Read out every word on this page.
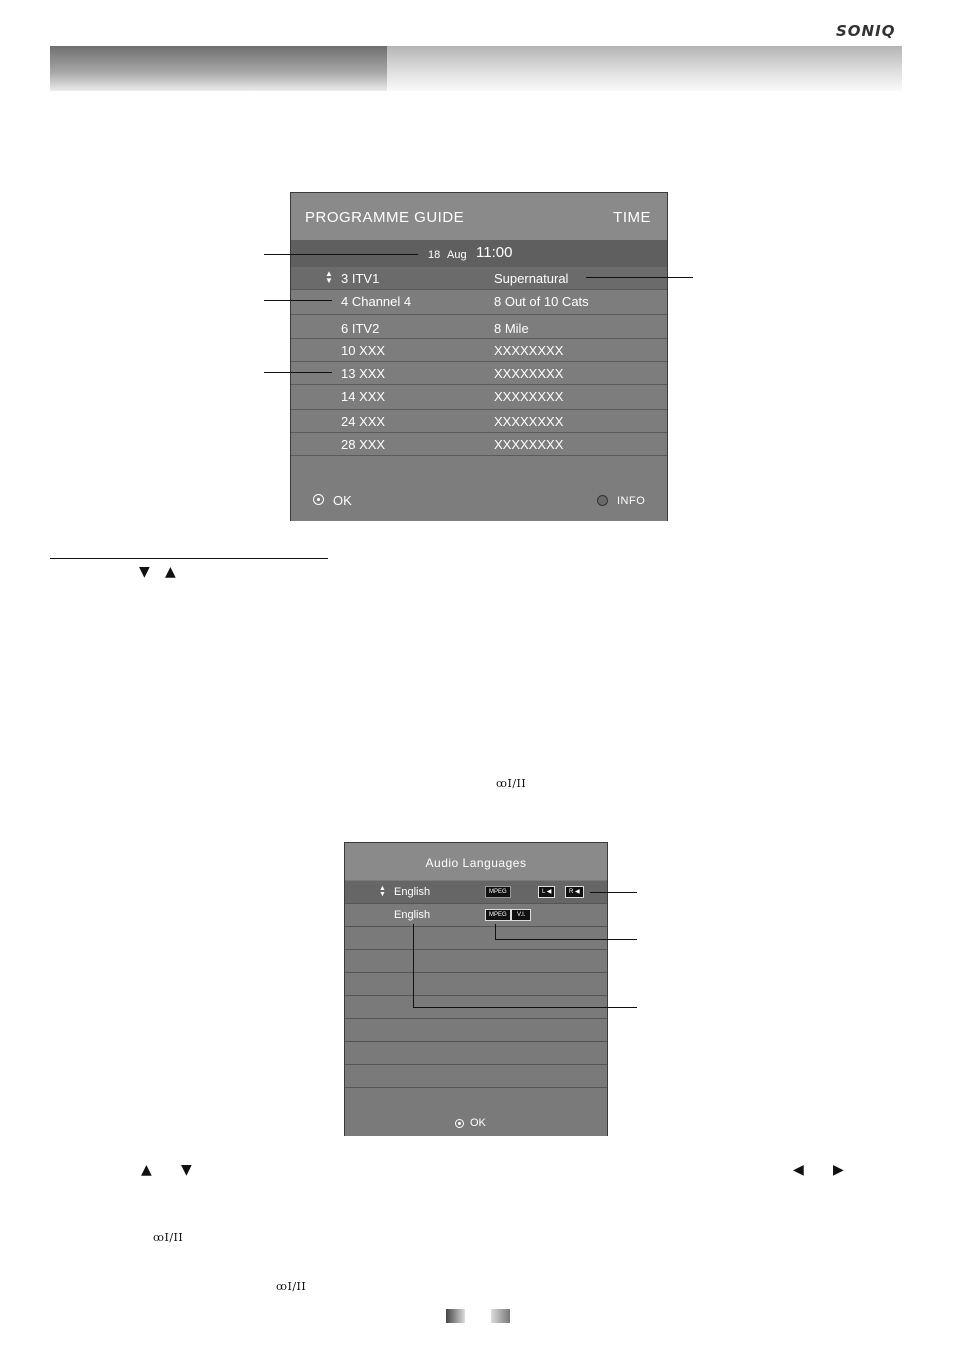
SONIQ
PROGRAMME GUIDE	TIME
18 Aug 11:00
▲
▼ 3 ITV1	Supernatural
4 Channel 4	8 Out of 10 Cats
6 ITV2	8 Mile
10 XXX	XXXXXXXX
13 XXX	XXXXXXXX
14 XXX	XXXXXXXX
24 XXX	XXXXXXXX
28 XXX	XXXXXXXX
OK	INFO
▼ ▲
ꝏI/II
Audio Languages
▲
▼ English	MPEG	L ◀	R ◀
English	MPEG	V.I.
OK
▲ ▼	◀ ▶
ꝏI/II
ꝏI/II
